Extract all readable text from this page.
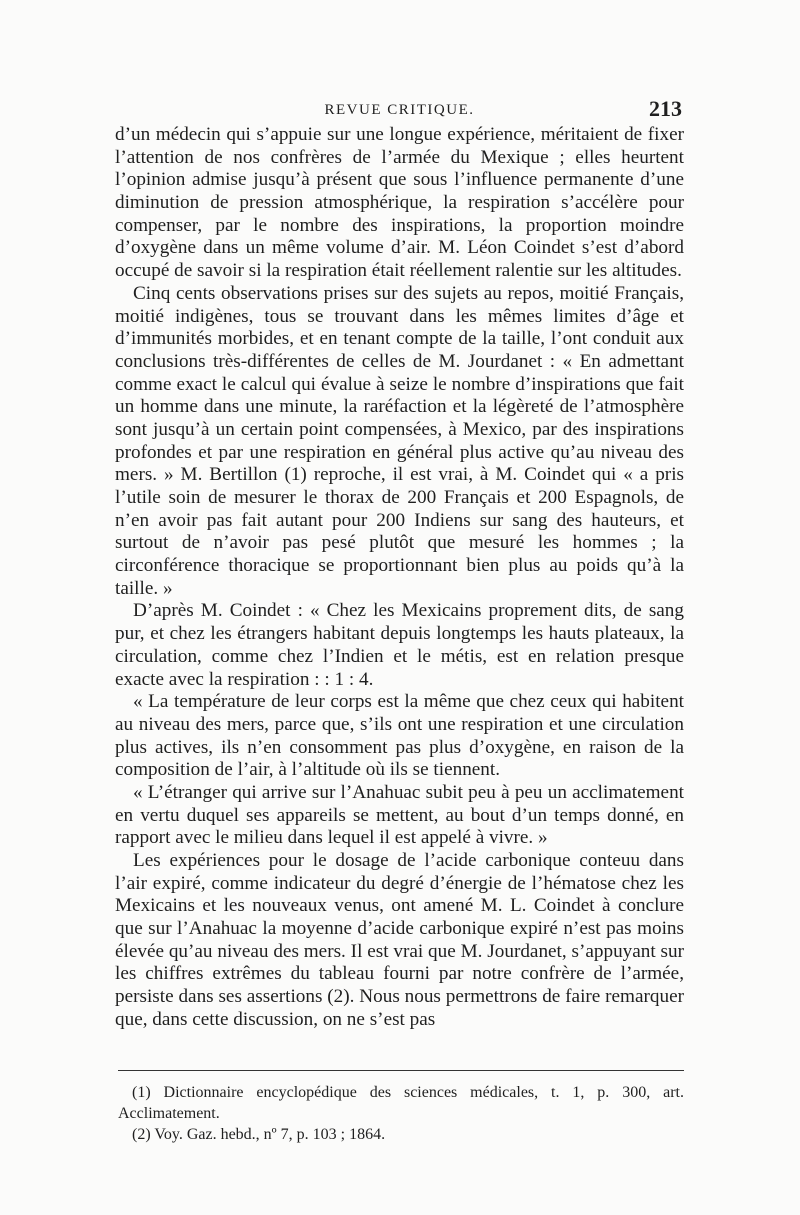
REVUE CRITIQUE.	213

d’un médecin qui s’appuie sur une longue expérience, méritaient de fixer l’attention de nos confrères de l’armée du Mexique ; elles heurtent l’opinion admise jusqu’à présent que sous l’influence permanente d’une diminution de pression atmosphérique, la respiration s’accélère pour compenser, par le nombre des inspirations, la proportion moindre d’oxygène dans un même volume d’air. M. Léon Coindet s’est d’abord occupé de savoir si la respiration était réellement ralentie sur les altitudes.

Cinq cents observations prises sur des sujets au repos, moitié Français, moitié indigènes, tous se trouvant dans les mêmes limites d’âge et d’immunités morbides, et en tenant compte de la taille, l’ont conduit aux conclusions très-différentes de celles de M. Jourdanet : « En admettant comme exact le calcul qui évalue à seize le nombre d’inspirations que fait un homme dans une minute, la raréfaction et la légèreté de l’atmosphère sont jusqu’à un certain point compensées, à Mexico, par des inspirations profondes et par une respiration en général plus active qu’au niveau des mers. » M. Bertillon (1) reproche, il est vrai, à M. Coindet qui « a pris l’utile soin de mesurer le thorax de 200 Français et 200 Espagnols, de n’en avoir pas fait autant pour 200 Indiens sur sang des hauteurs, et surtout de n’avoir pas pesé plutôt que mesuré les hommes ; la circonférence thoracique se proportionnant bien plus au poids qu’à la taille. »

D’après M. Coindet : « Chez les Mexicains proprement dits, de sang pur, et chez les étrangers habitant depuis longtemps les hauts plateaux, la circulation, comme chez l’Indien et le métis, est en relation presque exacte avec la respiration : : 1 : 4.

« La température de leur corps est la même que chez ceux qui habitent au niveau des mers, parce que, s’ils ont une respiration et une circulation plus actives, ils n’en consomment pas plus d’oxygène, en raison de la composition de l’air, à l’altitude où ils se tiennent.

« L’étranger qui arrive sur l’Anahuac subit peu à peu un acclimatement en vertu duquel ses appareils se mettent, au bout d’un temps donné, en rapport avec le milieu dans lequel il est appelé à vivre. »

Les expériences pour le dosage de l’acide carbonique conteuu dans l’air expiré, comme indicateur du degré d’énergie de l’hématose chez les Mexicains et les nouveaux venus, ont amené M. L. Coindet à conclure que sur l’Anahuac la moyenne d’acide carbonique expiré n’est pas moins élevée qu’au niveau des mers. Il est vrai que M. Jourdanet, s’appuyant sur les chiffres extrêmes du tableau fourni par notre confrère de l’armée, persiste dans ses assertions (2). Nous nous permettrons de faire remarquer que, dans cette discussion, on ne s’est pas

(1) Dictionnaire encyclopédique des sciences médicales, t. 1, p. 300, art. Acclimatement.

(2) Voy. Gaz. hebd., nº 7, p. 103 ; 1864.
